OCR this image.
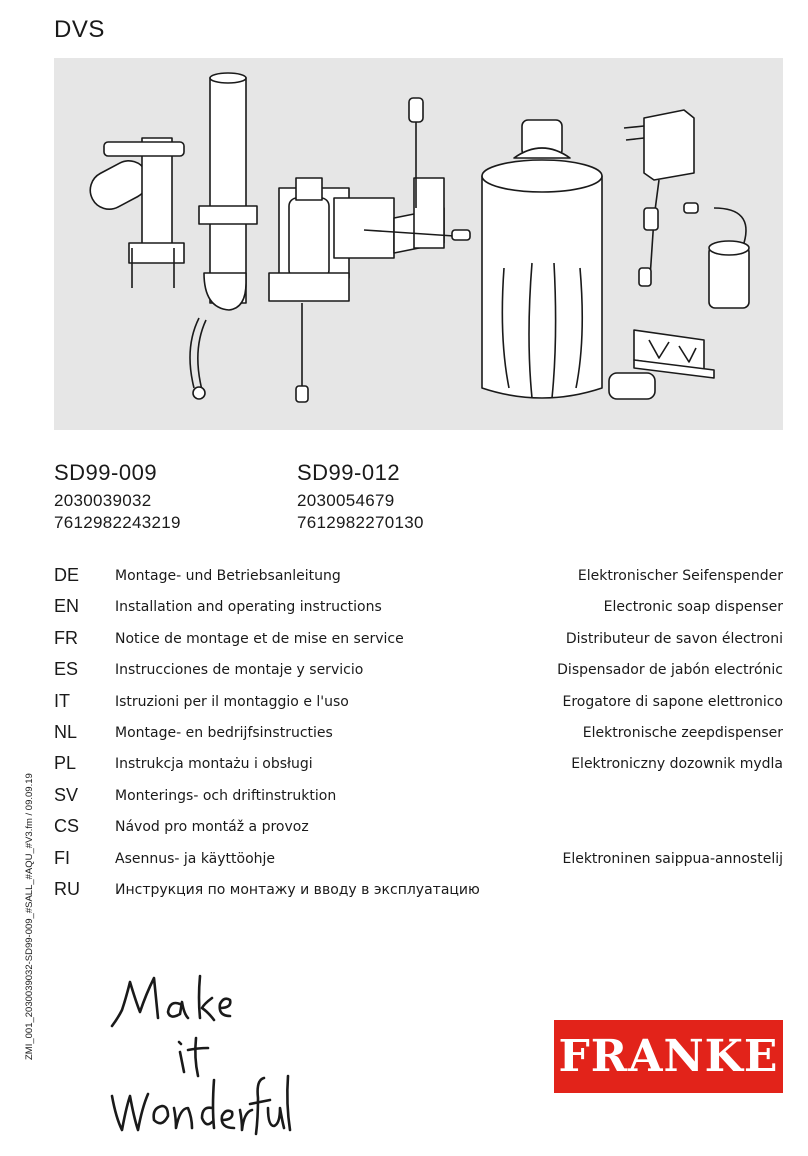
DVS
SD99-009
2030039032
7612982243219
SD99-012
2030054679
7612982270130
DE	Montage- und Betriebsanleitung	Elektronischer Seifenspender
EN	Installation and operating instructions	Electronic soap dispenser
FR	Notice de montage et de mise en service	Distributeur de savon électroni
ES	Instrucciones de montaje y servicio	Dispensador de jabón electrónic
IT	Istruzioni per il montaggio e l'uso	Erogatore di sapone elettronico
NL	Montage- en bedrijfsinstructies	Elektronische zeepdispenser
PL	Instrukcja montażu i obsługi	Elektroniczny dozownik mydla
SV	Monterings- och driftinstruktion
CS	Návod pro montáž a provoz
FI	Asennus- ja käyttöohje	Elektroninen saippua-annostelij
RU	Инструкция по монтажу и вводу в эксплуатацию
ZMI_001_2030039032-SD99-009_#SALL_#AQU_#V3.fm / 09.09.19	FRANKE
